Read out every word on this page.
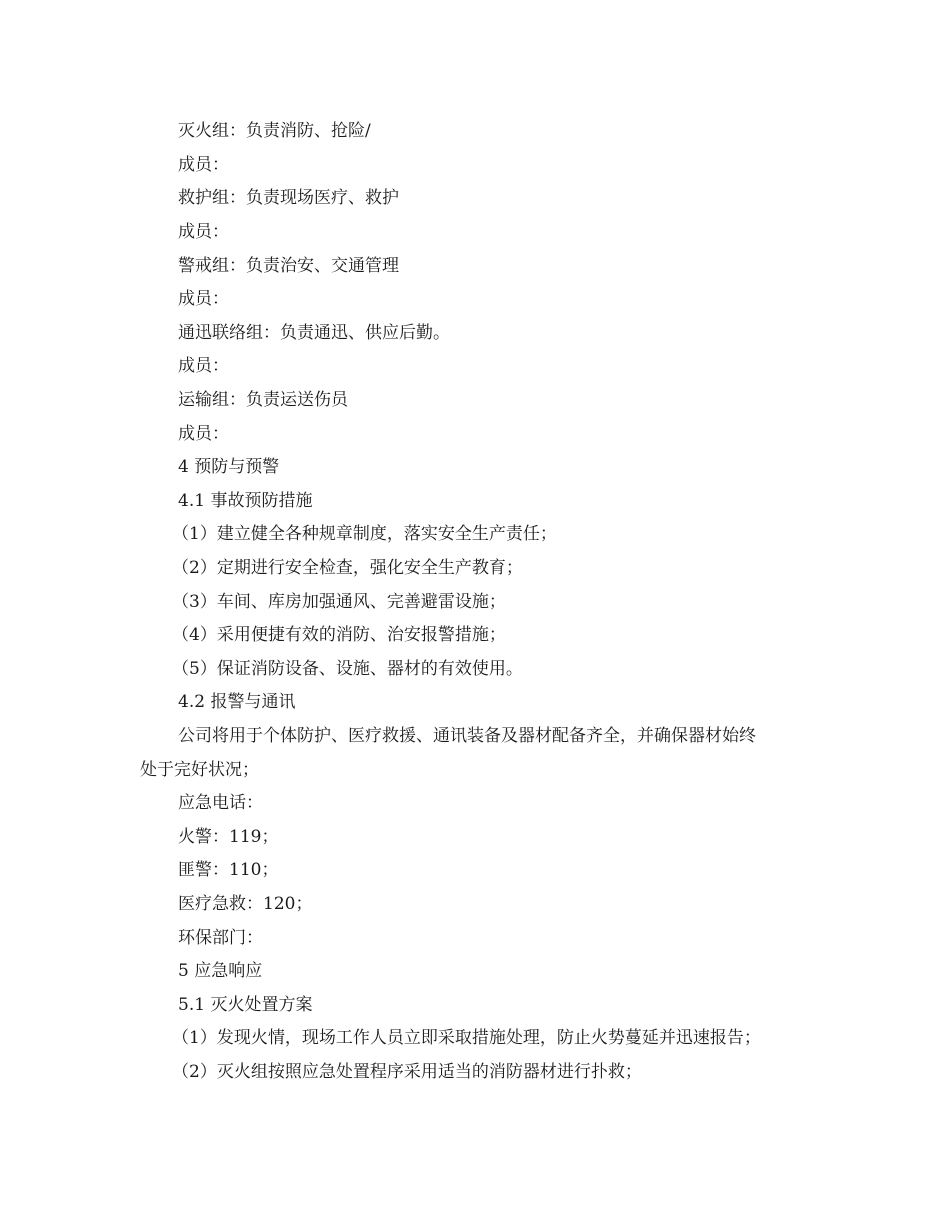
灭火组：负责消防、抢险/
成员：
救护组：负责现场医疗、救护
成员：
警戒组：负责治安、交通管理
成员：
通迅联络组：负责通迅、供应后勤。
成员：
运输组：负责运送伤员
成员：
4 预防与预警
4.1 事故预防措施
（1）建立健全各种规章制度，落实安全生产责任；
（2）定期进行安全检查，强化安全生产教育；
（3）车间、库房加强通风、完善避雷设施；
（4）采用便捷有效的消防、治安报警措施；
（5）保证消防设备、设施、器材的有效使用。
4.2 报警与通讯
公司将用于个体防护、医疗救援、通讯装备及器材配备齐全，并确保器材始终
处于完好状况；
应急电话：
火警：119；
匪警：110；
医疗急救：120；
环保部门：
5 应急响应
5.1 灭火处置方案
（1）发现火情，现场工作人员立即采取措施处理，防止火势蔓延并迅速报告；
（2）灭火组按照应急处置程序采用适当的消防器材进行扑救；
